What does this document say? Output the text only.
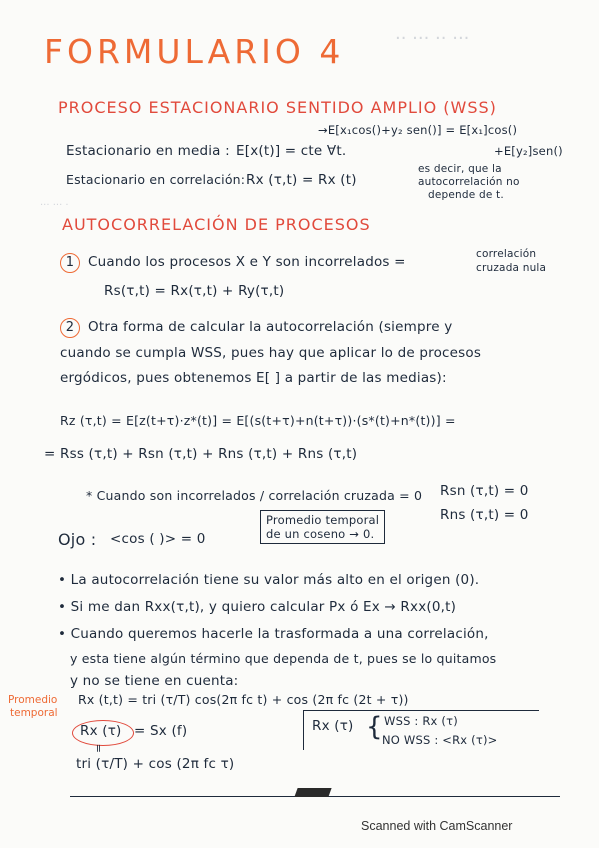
·· ··· ·· ···
··· ··· ·
FORMULARIO 4
PROCESO ESTACIONARIO SENTIDO AMPLIO (WSS)
→E[x₁cos()+y₂ sen()] = E[x₁]cos()
+E[y₂]sen()
Estacionario en media : E[x(t)] = cte ∀t.
Estacionario en correlación: Rx (τ,t) = Rx (t)
es decir, que la
autocorrelación no
depende de t.
AUTOCORRELACIÓN DE PROCESOS
1 Cuando los procesos X e Y son incorrelados =	correlación
cruzada nula
Rs(τ,t) = Rx(τ,t) + Ry(τ,t)
2 Otra forma de calcular la autocorrelación (siempre y
cuando se cumpla WSS, pues hay que aplicar lo de procesos
ergódicos, pues obtenemos E[ ] a partir de las medias):
Rz (τ,t) = E[z(t+τ)·z*(t)] = E[(s(t+τ)+n(t+τ))·(s*(t)+n*(t))] =
= Rss (τ,t) + Rsn (τ,t) + Rns (τ,t) + Rns (τ,t)
* Cuando son incorrelados / correlación cruzada = 0 Rsn (τ,t) = 0
Rns (τ,t) = 0
Ojo : <cos ( )> = 0
Promedio temporal
de un coseno → 0.
• La autocorrelación tiene su valor más alto en el origen (0).
• Si me dan Rxx(τ,t), y quiero calcular Px ó Ex → Rxx(0,t)
• Cuando queremos hacerle la trasformada a una correlación,
y esta tiene algún término que dependa de t, pues se lo quitamos
y no se tiene en cuenta:
Promedio
temporal
Rx (t,t) = tri (τ/T) cos(2π fc t) + cos (2π fc (2t + τ))
Rx (τ) = Sx (f)
=
tri (τ/T) + cos (2π fc τ)
Rx (τ) { WSS : Rx (τ)
NO WSS : <Rx (τ)>
Scanned with CamScanner
